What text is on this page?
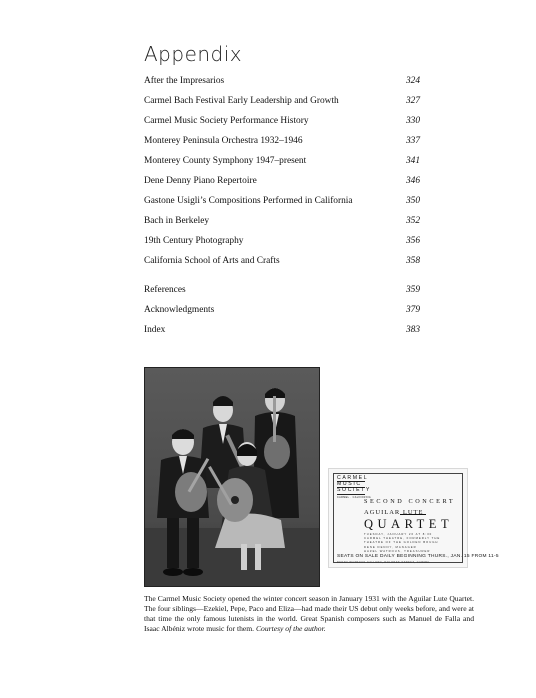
Appendix
After the Impresarios	324
Carmel Bach Festival Early Leadership and Growth	327
Carmel Music Society Performance History	330
Monterey Peninsula Orchestra 1932–1946	337
Monterey County Symphony 1947–present	341
Dene Denny Piano Repertoire	346
Gastone Usigli’s Compositions Performed in California	350
Bach in Berkeley	352
19th Century Photography	356
California School of Arts and Crafts	358
References	359
Acknowledgments	379
Index	383
CARMEL
MUSIC
SOCIETY
CARMEL · CALIFORNIA
SECOND CONCERT
AGUILAR LUTE
QUARTET
TUESDAY, JANUARY 20 AT 8:30
CARMEL THEATRE, FORMERLY THE
THEATRE OF THE GOLDEN BOUGH
DENE DENNY, MANAGER
HAZEL WATROUS, TREASURER
SEATS ON SALE DAILY BEGINNING THURS., JAN. 15 FROM 11-5
DENNY-WATROUS GALLERY, DOLORES STREET, CARMEL
The Carmel Music Society opened the winter concert season in January 1931 with the Aguilar Lute Quartet. The four siblings—Ezekiel, Pepe, Paco and Eliza—had made their US debut only weeks before, and were at that time the only famous lutenists in the world. Great Spanish composers such as Manuel de Falla and Isaac Albéniz wrote music for them. Courtesy of the author.
